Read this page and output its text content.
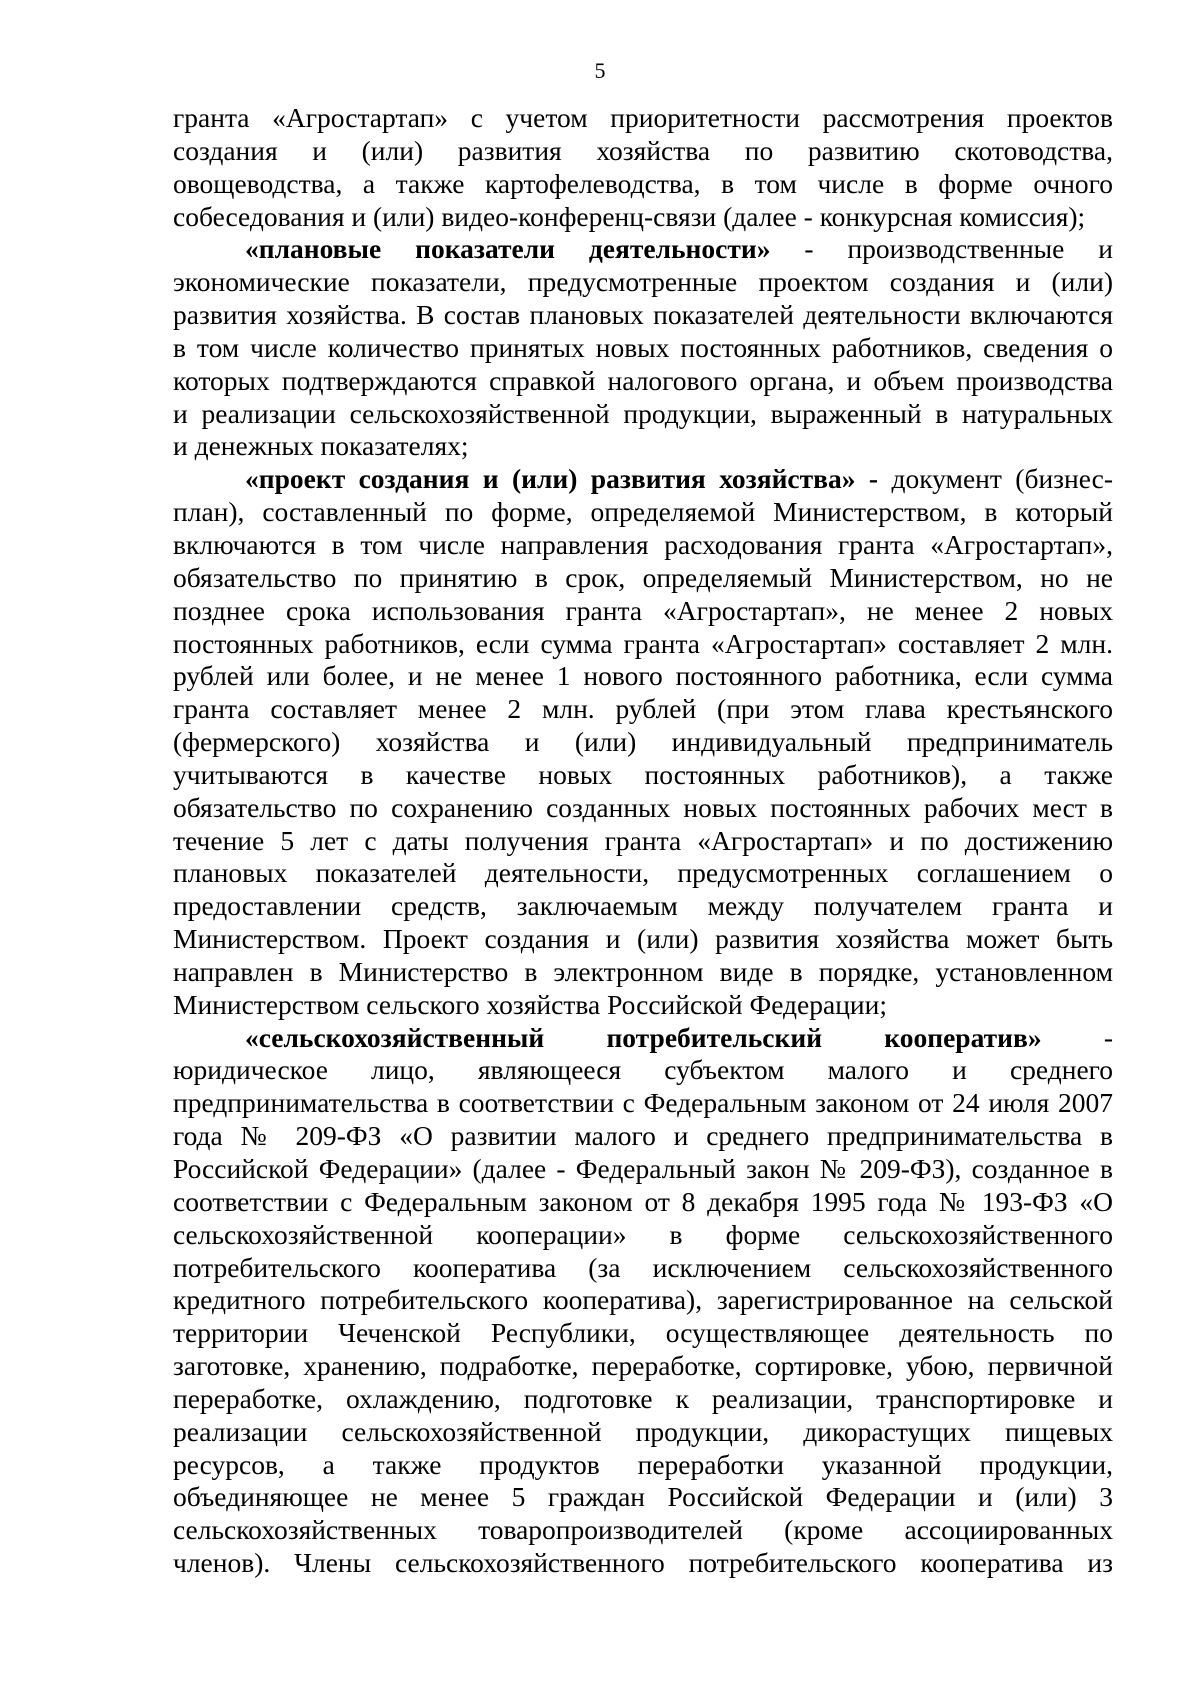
5
гранта «Агростартап» с учетом приоритетности рассмотрения проектов
создания и (или) развития хозяйства по развитию скотоводства,
овощеводства, а также картофелеводства, в том числе в форме очного
собеседования и (или) видео-конференц-связи (далее - конкурсная комиссия);
«плановые показатели деятельности» - производственные и
экономические показатели, предусмотренные проектом создания и (или)
развития хозяйства. В состав плановых показателей деятельности включаются
в том числе количество принятых новых постоянных работников, сведения о
которых подтверждаются справкой налогового органа, и объем производства
и реализации сельскохозяйственной продукции, выраженный в натуральных
и денежных показателях;
«проект создания и (или) развития хозяйства» - документ (бизнес-
план), составленный по форме, определяемой Министерством, в который
включаются в том числе направления расходования гранта «Агростартап»,
обязательство по принятию в срок, определяемый Министерством, но не
позднее срока использования гранта «Агростартап», не менее 2 новых
постоянных работников, если сумма гранта «Агростартап» составляет 2 млн.
рублей или более, и не менее 1 нового постоянного работника, если сумма
гранта составляет менее 2 млн. рублей (при этом глава крестьянского
(фермерского) хозяйства и (или) индивидуальный предприниматель
учитываются в качестве новых постоянных работников), а также
обязательство по сохранению созданных новых постоянных рабочих мест в
течение 5 лет с даты получения гранта «Агростартап» и по достижению
плановых показателей деятельности, предусмотренных соглашением о
предоставлении средств, заключаемым между получателем гранта и
Министерством. Проект создания и (или) развития хозяйства может быть
направлен в Министерство в электронном виде в порядке, установленном
Министерством сельского хозяйства Российской Федерации;
«сельскохозяйственный потребительский кооператив» -
юридическое лицо, являющееся субъектом малого и среднего
предпринимательства в соответствии с Федеральным законом от 24 июля 2007
года № 209-ФЗ «О развитии малого и среднего предпринимательства в
Российской Федерации» (далее - Федеральный закон № 209-ФЗ), созданное в
соответствии с Федеральным законом от 8 декабря 1995 года № 193-ФЗ «О
сельскохозяйственной кооперации» в форме сельскохозяйственного
потребительского кооператива (за исключением сельскохозяйственного
кредитного потребительского кооператива), зарегистрированное на сельской
территории Чеченской Республики, осуществляющее деятельность по
заготовке, хранению, подработке, переработке, сортировке, убою, первичной
переработке, охлаждению, подготовке к реализации, транспортировке и
реализации сельскохозяйственной продукции, дикорастущих пищевых
ресурсов, а также продуктов переработки указанной продукции,
объединяющее не менее 5 граждан Российской Федерации и (или) 3
сельскохозяйственных товаропроизводителей (кроме ассоциированных
членов). Члены сельскохозяйственного потребительского кооператива из
